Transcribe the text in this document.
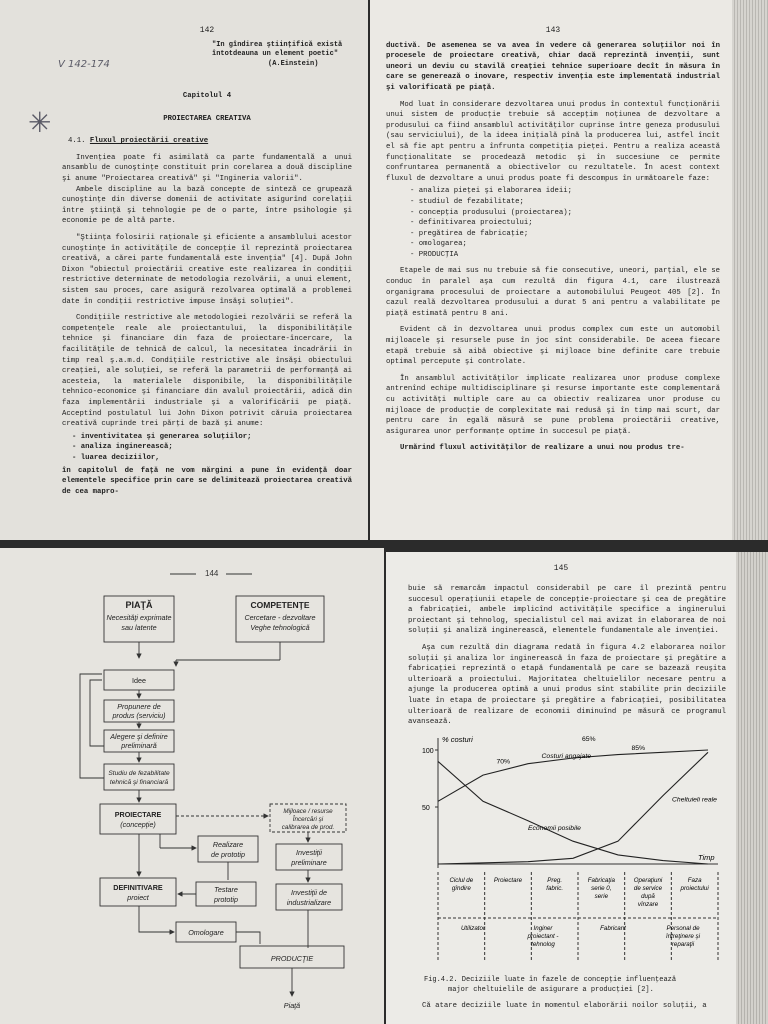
V 142-174
✳
142
"In gîndirea ştiinţifică există
întotdeauna un element poetic"
(A.Einstein)
Capitolul 4
PROIECTAREA CREATIVA
4.1. Fluxul proiectării creative

Invenţiea poate fi asimilată ca parte fundamentală a unui ansamblu de cunoştinţe constituit prin corelarea a două discipline şi anume "Proiectarea creativă" şi "Ingineria valorii".

Ambele discipline au la bază concepte de sinteză ce grupează cunoştinţe din diverse domenii de activitate asigurînd corelaţii între ştiinţă şi tehnologie pe de o parte, între psihologie şi economie pe de altă parte.

"Ştiinţa folosirii raţionale şi eficiente a ansamblului acestor cunoştinţe în activităţile de concepţie îl reprezintă proiectarea creativă, a cărei parte fundamentală este invenţia" [4]. După John Dixon "obiectul proiectării creative este realizarea în condiţii restrictive determinate de metodologia rezolvării, a unui element, sistem sau proces, care asigură rezolvarea optimală a problemei date în condiţii restrictive impuse însăşi soluţiei".

Condiţiile restrictive ale metodologiei rezolvării se referă la competenţele reale ale proiectantului, la disponibilităţile tehnice şi financiare din faza de proiectare-încercare, la facilităţile de tehnică de calcul, la necesitatea încadrării în timp real ş.a.m.d. Condiţiile restrictive ale însăşi obiectului creaţiei, ale soluţiei, se referă la parametrii de performanţă ai acesteia, la materialele disponibile, la disponibilităţile tehnico-economice şi financiare din avalul proiectării, adică din faza implementării industriale şi a valorificării pe piaţă. Acceptînd postulatul lui John Dixon potrivit căruia proiectarea creativă cuprinde trei părţi de bază şi anume:

- inventivitatea şi generarea soluţiilor;
- analiza inginerească;
- luarea deciziilor,

în capitolul de faţă ne vom mărgini a pune în evidenţă doar elementele specifice prin care se delimitează proiectarea creativă de cea mapro-

143

ductivă. De asemenea se va avea în vedere că generarea soluţiilor noi în procesele de proiectare creativă, chiar dacă reprezintă invenţii, sunt uneori un deviu cu stavilă creaţiei tehnice superioare decît în măsura în care se generează o inovare, respectiv invenţia este implementată industrial şi valorificată pe piaţă.

Mod luat în considerare dezvoltarea unui produs în contextul funcţionării unui sistem de producţie trebuie să accepţim noţiunea de dezvoltare a produsului ca fiind ansamblul activităţilor cuprinse între geneza produsului (sau serviciului), de la ideea iniţială pînă la producerea lui, astfel încît el să fie apt pentru a înfrunta competiţia pieţei. Pentru a realiza această funcţionalitate se procedează metodic şi în succesiune ce permite confruntarea permanentă a obiectivelor cu rezultatele. În acest context fluxul de dezvoltare a unui produs poate fi descompus în următoarele faze:

- analiza pieţei şi elaborarea ideii;
- studiul de fezabilitate;
- concepţia produsului (proiectarea);
- definitivarea proiectului;
- pregătirea de fabricaţie;
- omologarea;
- PRODUCŢIA

Etapele de mai sus nu trebuie să fie consecutive, uneori, parţial, ele se conduc în paralel aşa cum rezultă din figura 4.1, care ilustrează organigrama procesului de proiectare a automobilului Peugeot 405 [2]. În cazul reală dezvoltarea produsului a durat 5 ani pentru a valabilitate pe piaţă estimată pentru 8 ani.

Evident că în dezvoltarea unui produs complex cum este un automobil mijloacele şi resursele puse în joc sînt considerabile. De aceea fiecare etapă trebuie să aibă obiective şi mijloace bine definite care trebuie optimal percepute şi controlate.

În ansamblul activităţilor implicate realizarea unor produse complexe antrenînd echipe multidisciplinare şi resurse importante este complementară cu activităţi multiple care au ca obiectiv realizarea unor produse cu mijloace de producţie de complexitate mai redusă şi în timp mai scurt, dar pentru care în egală măsură se pune problema proiectării creative, asigurarea unor performanţe optime în succesul pe piaţă.

Urmărind fluxul activităţilor de realizare a unui nou produs tre-

144
PIAŢĂ
Necesităţi exprimate
sau latente
COMPETENŢE
Cercetare - dezvoltare
Veghe tehnologică
Idee
Propunere de
produs (serviciu)
Alegere şi definire
preliminară
Studiu de fezabilitate
tehnică şi financiară
PROIECTARE
(concepţie)
Mijloace / resurse
Încercări şi
calibrarea de prod.
Realizare
de prototip	Investiţii
preliminare
DEFINITIVARE
proiect
Testare
prototip
Investiţii de
industrializare
Omologare
PRODUCŢIE
Piaţă
145

buie să remarcăm impactul considerabil pe care îl prezintă pentru succesul operaţiunii etapele de concepţie-proiectare şi cea de pregătire a fabricaţiei, ambele implicînd activităţile specifice a inginerului proiectant şi tehnolog, specialistul cel mai avizat în elaborarea de noi soluţii şi analiză inginerească, elementele fundamentale ale invenţiei.

Aşa cum rezultă din diagrama redată în figura 4.2 elaborarea noilor soluţii şi analiza lor inginerească în faza de proiectare şi pregătire a fabricaţiei reprezintă o etapă fundamentală pe care se bazează reuşita ulterioară a proiectului. Majoritatea cheltuielilor necesare pentru a ajunge la producerea optimă a unui produs sînt stabilite prin deciziile luate în etapa de proiectare şi pregătire a fabricaţiei, posibilitatea ulterioară de realizare de economii diminuînd pe măsură ce programul avansează.

% costuri
Timp
100
50
Costuri angajate
Cheltuieli reale
Economii posibile
85%
65%
70%
Ciclul de
gîndire
Proiectare	Preg.
fabric.
Fabricaţia
serie 0,
serie
Operaţiuni
de service
după
vînzare
Faza
proiectului
Utilizator	Inginer
proiectant -
tehnolog
Fabricant	Personal de
întreţinere şi
reparaţii
Fig.4.2. Deciziile luate în fazele de concepţie influenţează
major cheltuielile de asigurare a producţiei [2].

Că atare deciziile luate în momentul elaborării noilor soluţii, a
